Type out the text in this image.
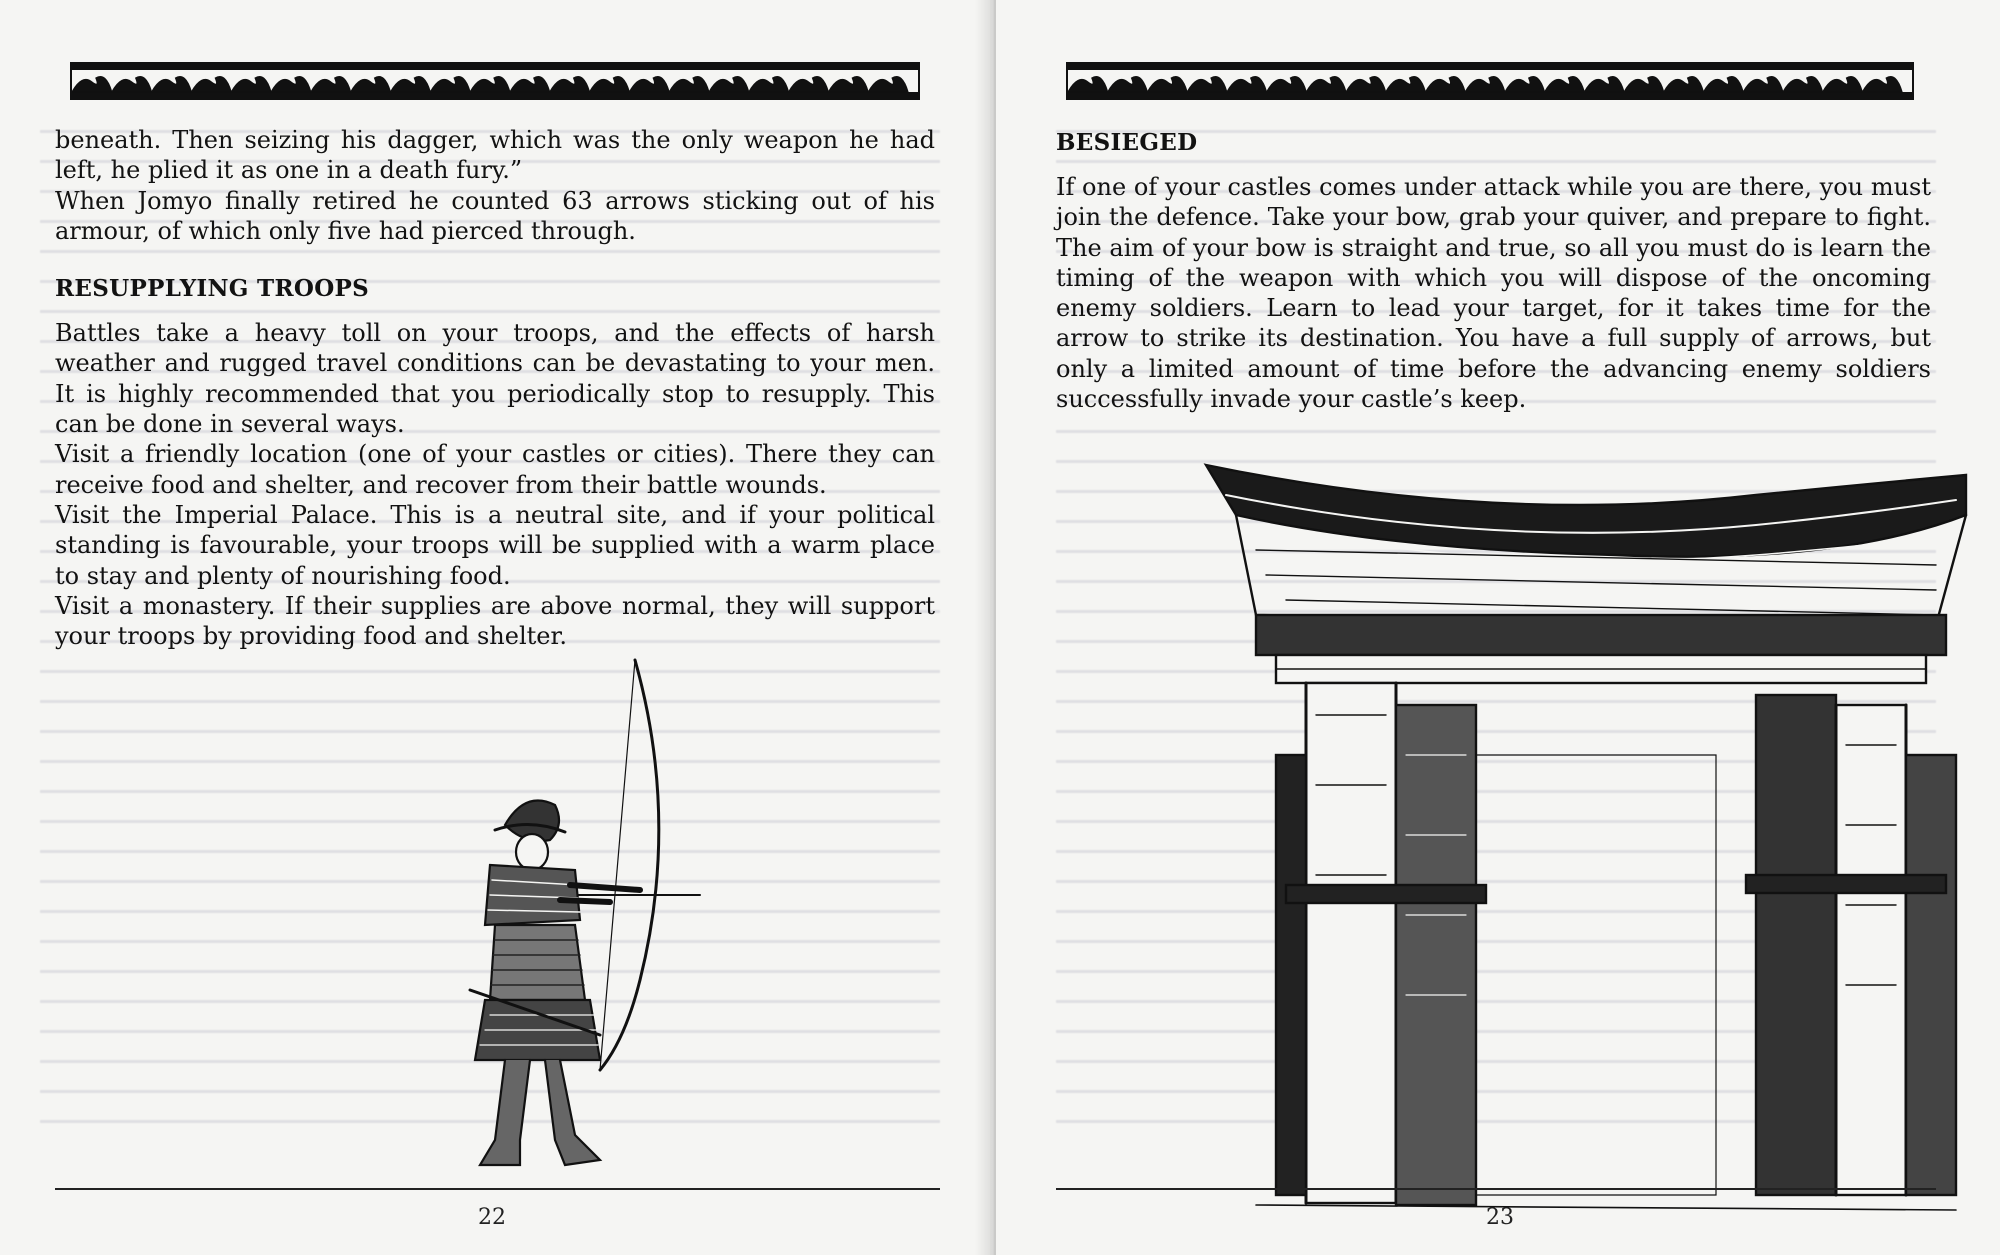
beneath. Then seizing his dagger, which was the only weapon he had left, he plied it as one in a death fury.”

When Jomyo finally retired he counted 63 arrows sticking out of his armour, of which only five had pierced through.

RESUPPLYING TROOPS

Battles take a heavy toll on your troops, and the effects of harsh weather and rugged travel conditions can be devastating to your men. It is highly recommended that you periodically stop to resupply. This can be done in several ways.

Visit a friendly location (one of your castles or cities). There they can receive food and shelter, and recover from their battle wounds.

Visit the Imperial Palace. This is a neutral site, and if your political standing is favourable, your troops will be supplied with a warm place to stay and plenty of nourishing food.

Visit a monastery. If their supplies are above normal, they will support your troops by providing food and shelter.

22

BESIEGED

If one of your castles comes under attack while you are there, you must join the defence. Take your bow, grab your quiver, and prepare to fight. The aim of your bow is straight and true, so all you must do is learn the timing of the weapon with which you will dispose of the oncoming enemy soldiers. Learn to lead your target, for it takes time for the arrow to strike its destination. You have a full supply of arrows, but only a limited amount of time before the advancing enemy soldiers successfully invade your castle’s keep.

23
